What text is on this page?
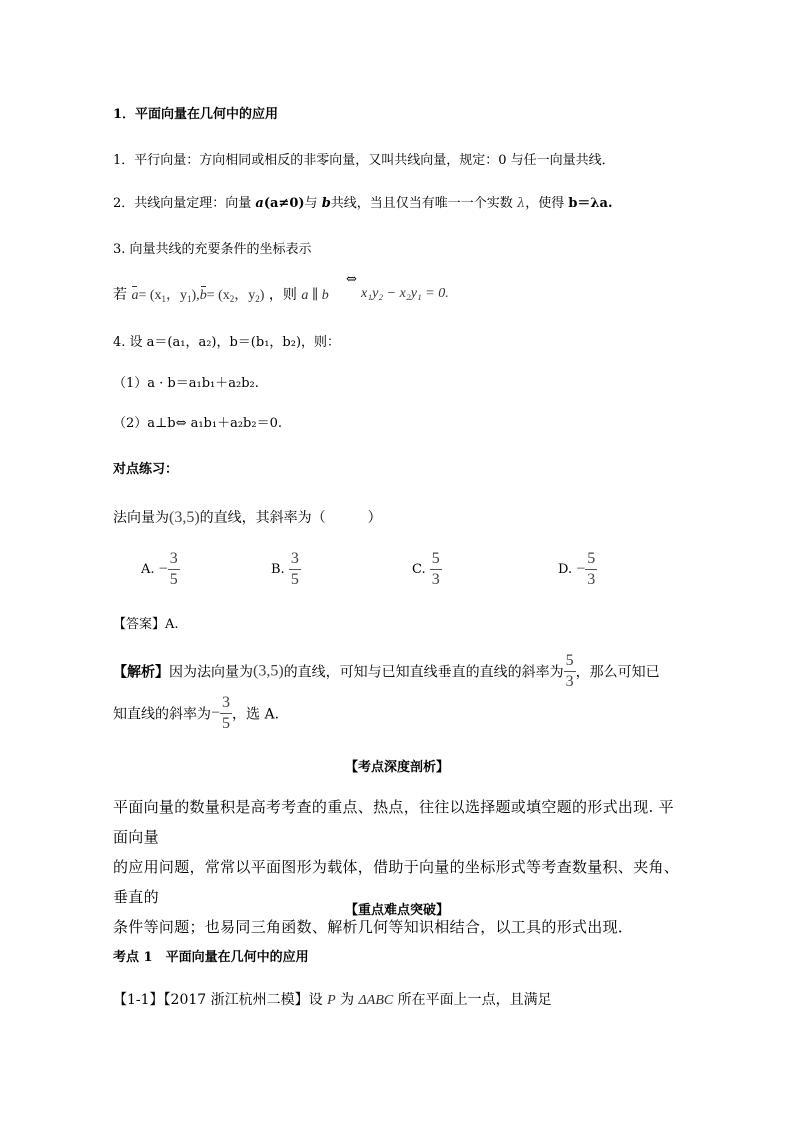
1．平面向量在几何中的应用
1．平行向量：方向相同或相反的非零向量，又叫共线向量，规定：0 与任一向量共线．
2．共线向量定理：向量 a(a≠0)与 b共线，当且仅当有唯一一个实数 λ，使得 b＝λa.
3. 向量共线的充要条件的坐标表示
若 $a= (x_1$，$y_1),b= (x_2$，$y_2$) ，则 a ∥ b
⇔
x₁y₂ − x₂y₁ = 0.
4. 设 a＝(a₁，a₂)，b＝(b₁，b₂)，则：
（1）a · b＝a₁b₁＋a₂b₂.
（2）a⊥b⇔ a₁b₁＋a₂b₂＝0.
对点练习：
法向量为(3,5)的直线，其斜率为（　　　）
A. − $\frac{3}{5}$	B. $\frac{3}{5}$	C. $\frac{5}{3}$	D. − $\frac{5}{3}$
【答案】A.
【解析】因为法向量为(3,5)的直线，可知与已知直线垂直的直线的斜率为 $\frac{5}{3}$ ，那么可知已
知直线的斜率为− $\frac{3}{5}$ ，选 A.
【考点深度剖析】
平面向量的数量积是高考考查的重点、热点，往往以选择题或填空题的形式出现. 平面向量
的应用问题，常常以平面图形为载体，借助于向量的坐标形式等考查数量积、夹角、垂直的
条件等问题；也易同三角函数、解析几何等知识相结合，以工具的形式出现．
【重点难点突破】
考点 1　平面向量在几何中的应用
【1-1】【2017 浙江杭州二模】设 P 为 ΔABC 所在平面上一点，且满足
